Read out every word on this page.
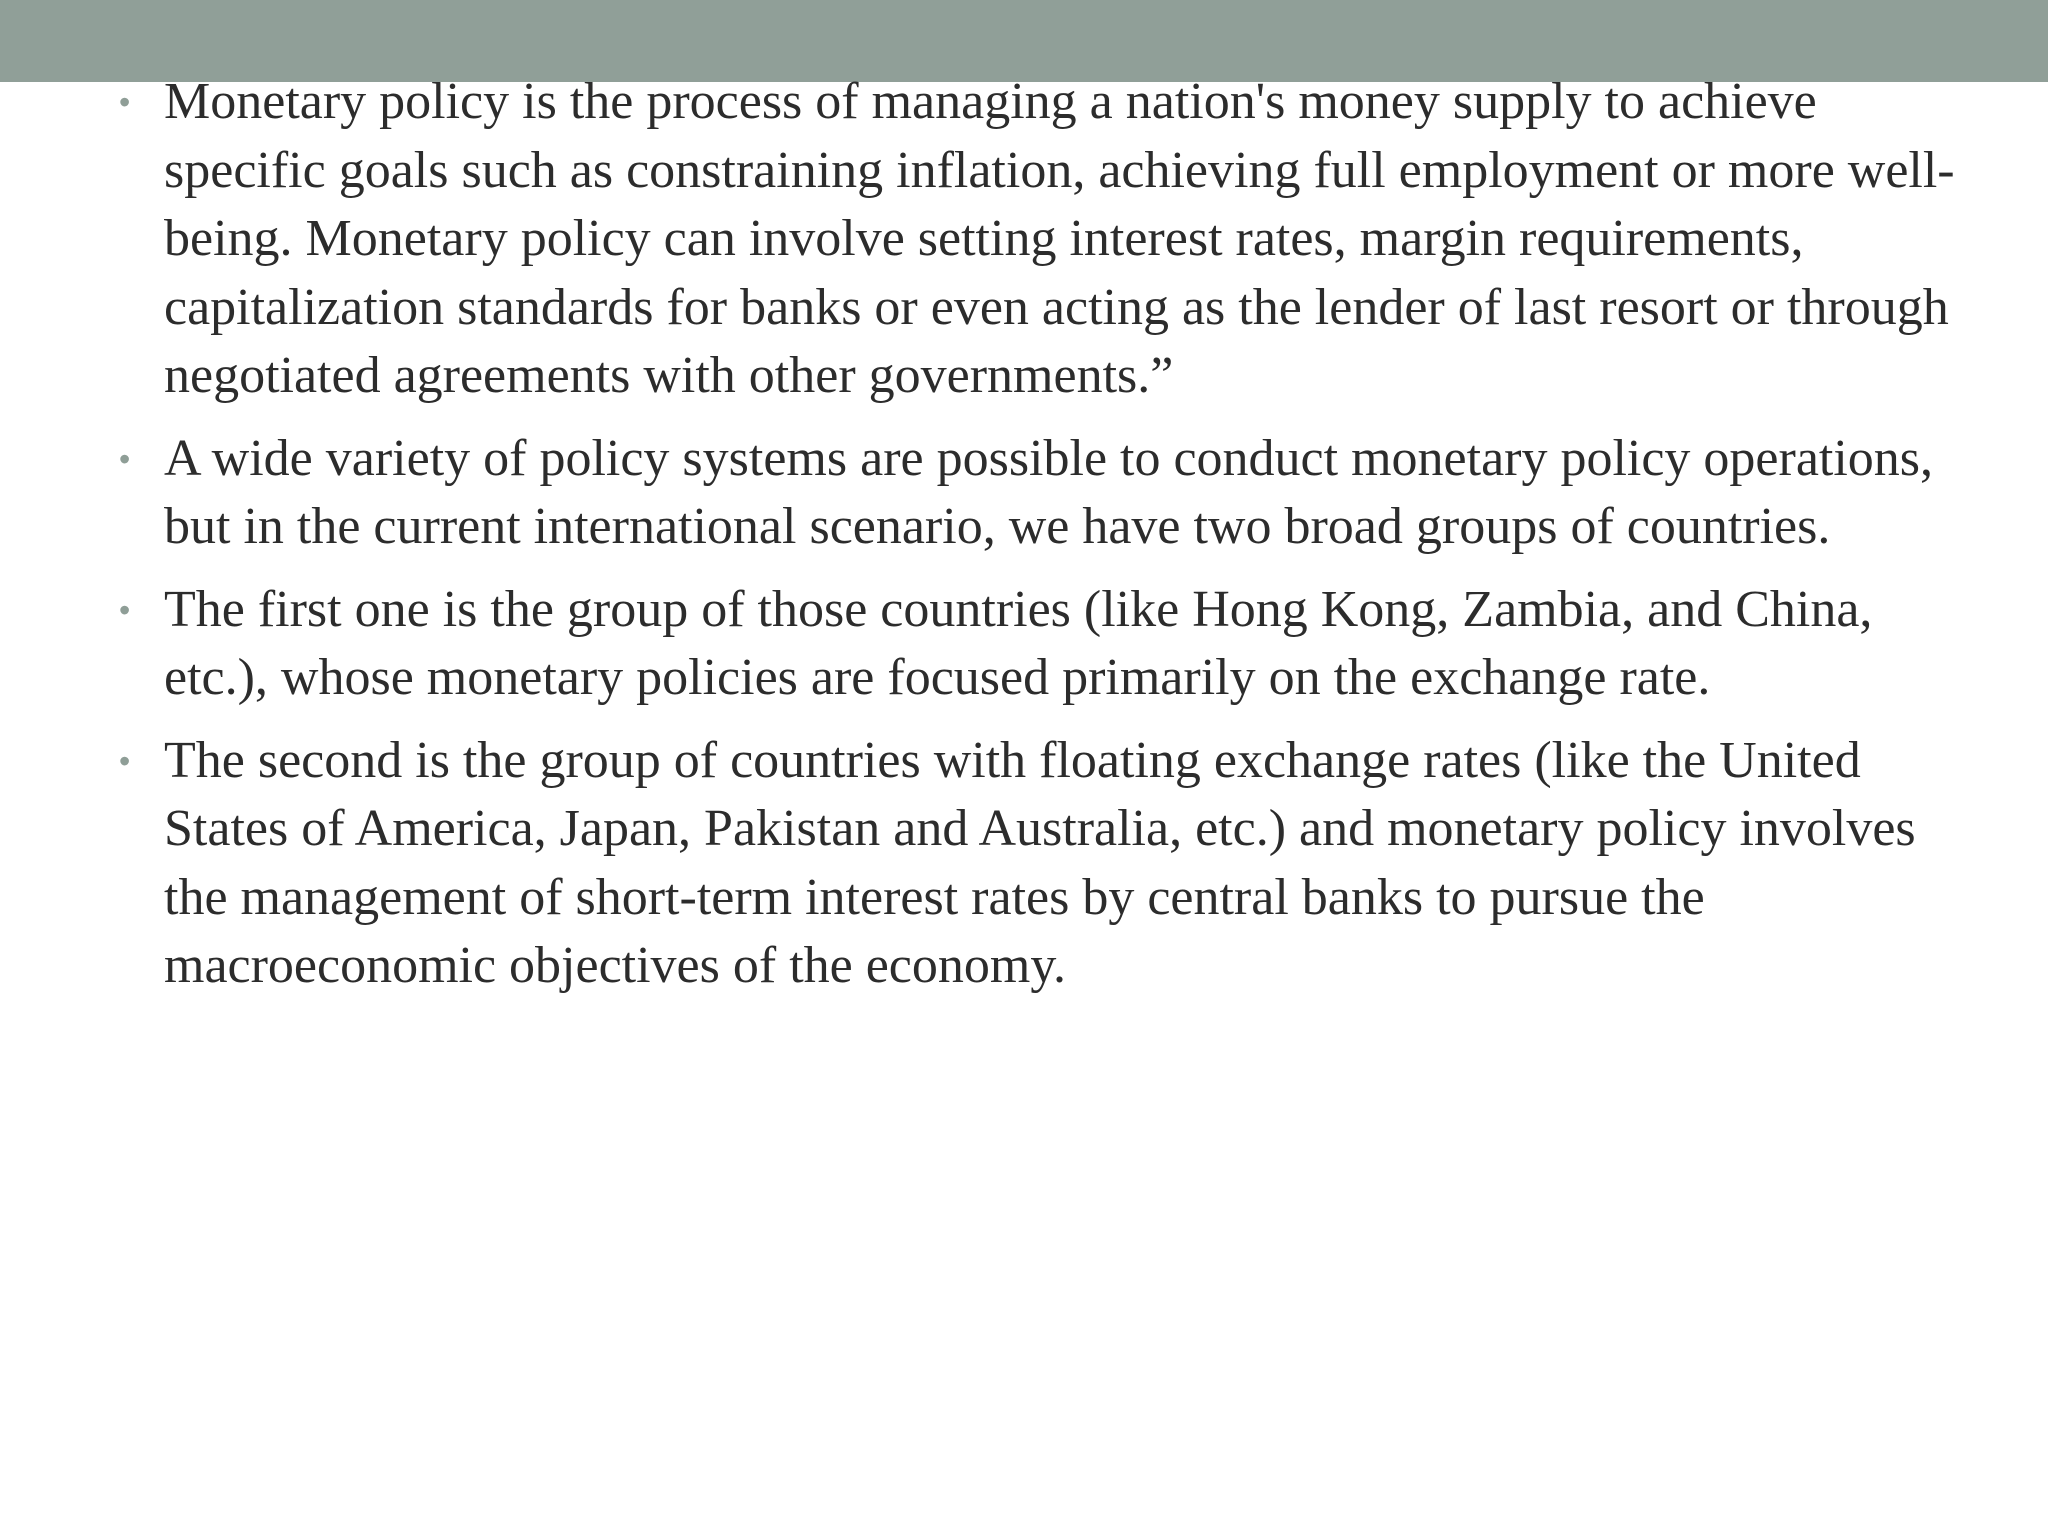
• Monetary policy is the process of managing a nation's money supply to achieve specific goals such as constraining inflation, achieving full employment or more well-being. Monetary policy can involve setting interest rates, margin requirements, capitalization standards for banks or even acting as the lender of last resort or through negotiated agreements with other governments.”
• A wide variety of policy systems are possible to conduct monetary policy operations, but in the current international scenario, we have two broad groups of countries.
• The first one is the group of those countries (like Hong Kong, Zambia, and China, etc.), whose monetary policies are focused primarily on the exchange rate.
• The second is the group of countries with floating exchange rates (like the United States of America, Japan, Pakistan and Australia, etc.) and monetary policy involves the management of short-term interest rates by central banks to pursue the macroeconomic objectives of the economy.
